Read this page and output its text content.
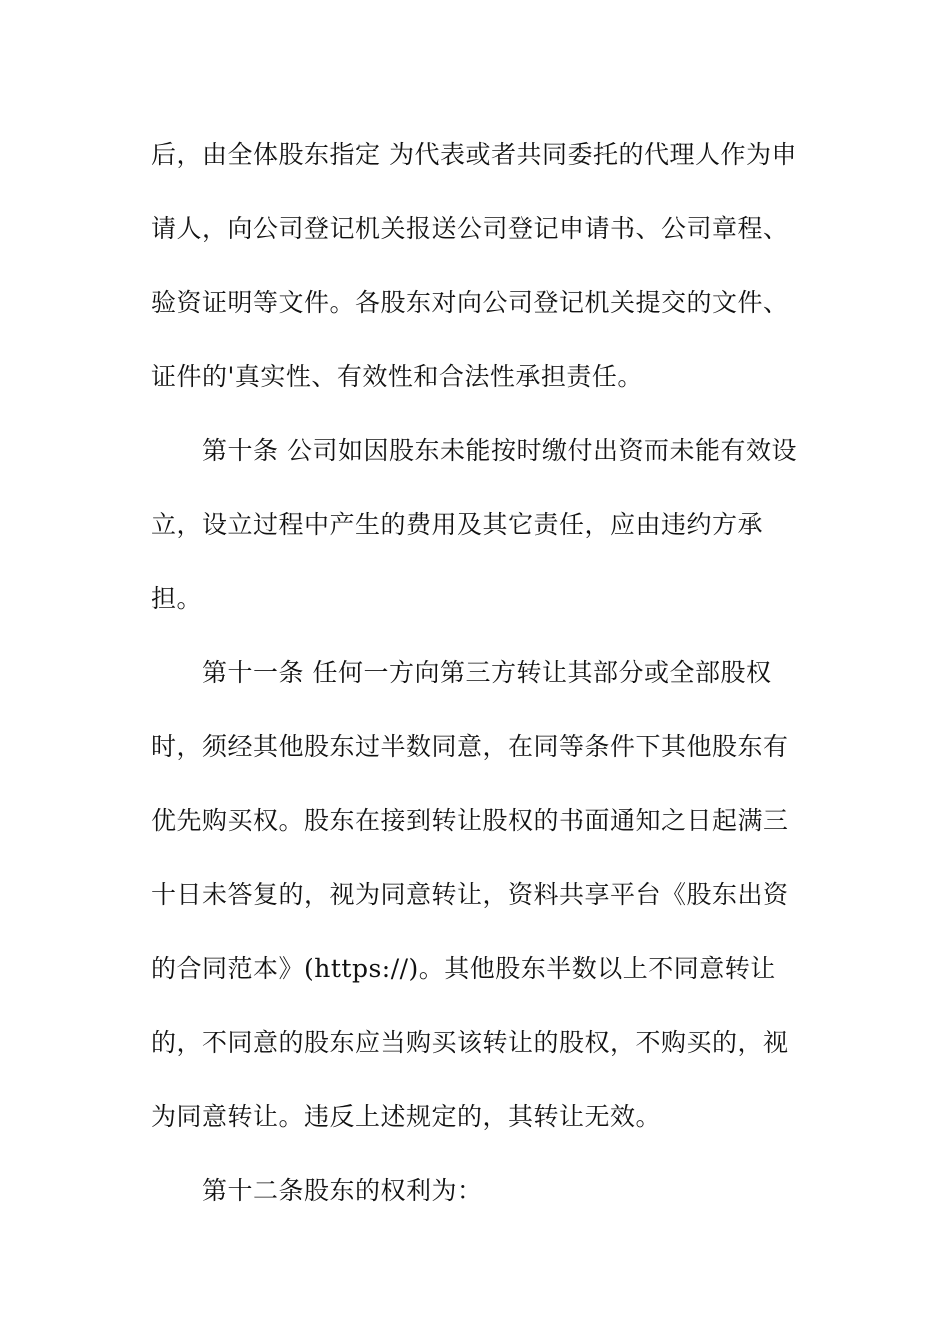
后，由全体股东指定 为代表或者共同委托的代理人作为申
请人，向公司登记机关报送公司登记申请书、公司章程、
验资证明等文件。各股东对向公司登记机关提交的文件、
证件的'真实性、有效性和合法性承担责任。
第十条 公司如因股东未能按时缴付出资而未能有效设
立，设立过程中产生的费用及其它责任，应由违约方承
担。
第十一条 任何一方向第三方转让其部分或全部股权
时，须经其他股东过半数同意，在同等条件下其他股东有
优先购买权。股东在接到转让股权的书面通知之日起满三
十日未答复的，视为同意转让，资料共享平台《股东出资
的合同范本》(https://)。其他股东半数以上不同意转让
的，不同意的股东应当购买该转让的股权，不购买的，视
为同意转让。违反上述规定的，其转让无效。
第十二条股东的权利为：
